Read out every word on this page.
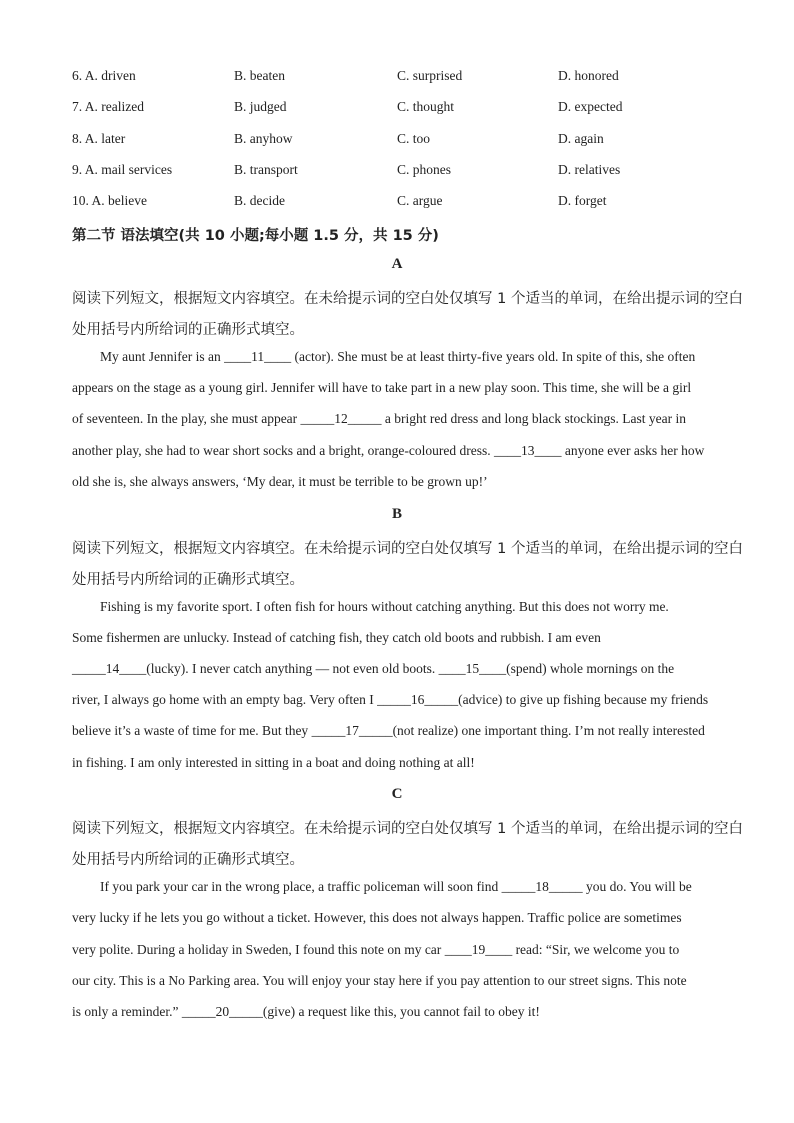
6. A. driven	B. beaten	C. surprised	D. honored
7. A. realized	B. judged	C. thought	D. expected
8. A. later	B. anyhow	C. too	D. again
9. A. mail services	B. transport	C. phones	D. relatives
10. A. believe	B. decide	C. argue	D. forget
第二节 语法填空(共 10 小题;每小题 1.5 分，共 15 分)
A
阅读下列短文，根据短文内容填空。在未给提示词的空白处仅填写 1 个适当的单词，在给出提示词的空白
处用括号内所给词的正确形式填空。
My aunt Jennifer is an ____11____ (actor). She must be at least thirty-five years old. In spite of this, she often
appears on the stage as a young girl. Jennifer will have to take part in a new play soon. This time, she will be a girl
of seventeen. In the play, she must appear _____12_____ a bright red dress and long black stockings. Last year in
another play, she had to wear short socks and a bright, orange-coloured dress. ____13____ anyone ever asks her how
old she is, she always answers, ‘My dear, it must be terrible to be grown up!’
B
阅读下列短文，根据短文内容填空。在未给提示词的空白处仅填写 1 个适当的单词，在给出提示词的空白
处用括号内所给词的正确形式填空。
Fishing is my favorite sport. I often fish for hours without catching anything. But this does not worry me.
Some fishermen are unlucky. Instead of catching fish, they catch old boots and rubbish. I am even
_____14____(lucky). I never catch anything — not even old boots. ____15____(spend) whole mornings on the
river, I always go home with an empty bag. Very often I _____16_____(advice) to give up fishing because my friends
believe it’s a waste of time for me. But they _____17_____(not realize) one important thing. I’m not really interested
in fishing. I am only interested in sitting in a boat and doing nothing at all!
C
阅读下列短文，根据短文内容填空。在未给提示词的空白处仅填写 1 个适当的单词，在给出提示词的空白
处用括号内所给词的正确形式填空。
If you park your car in the wrong place, a traffic policeman will soon find _____18_____ you do. You will be
very lucky if he lets you go without a ticket. However, this does not always happen. Traffic police are sometimes
very polite. During a holiday in Sweden, I found this note on my car ____19____ read: “Sir, we welcome you to
our city. This is a No Parking area. You will enjoy your stay here if you pay attention to our street signs. This note
is only a reminder.” _____20_____(give) a request like this, you cannot fail to obey it!
